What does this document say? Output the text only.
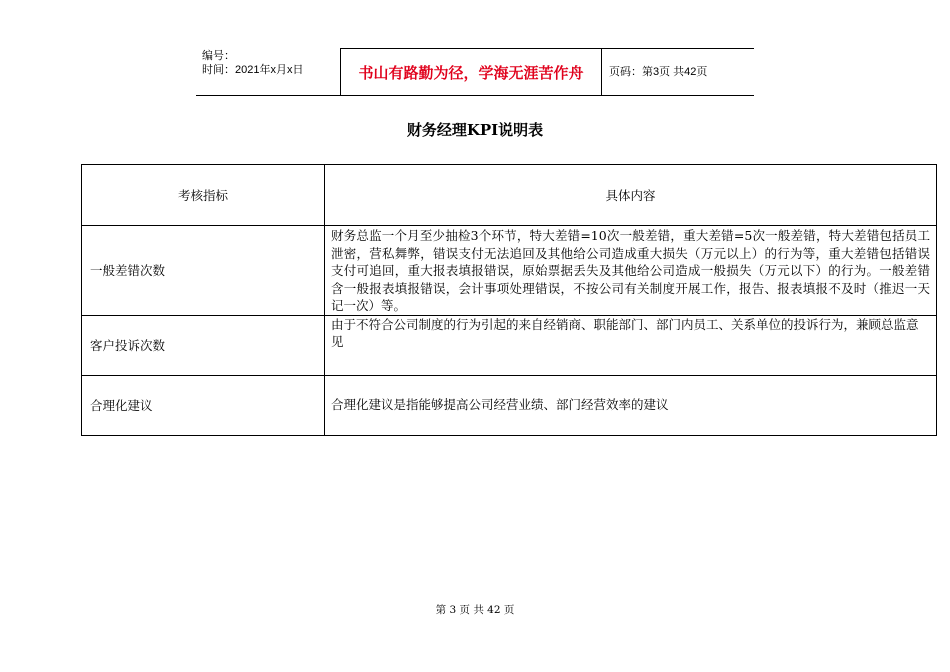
编号：
时间：2021年x月x日	书山有路勤为径，学海无涯苦作舟	页码：第3页 共42页
财务经理KPI说明表
考核指标	具体内容
一般差错次数	财务总监一个月至少抽检3个环节，特大差错=10次一般差错，重大差错=5次一般差错，特大差错包括员工泄密，营私舞弊，错误支付无法追回及其他给公司造成重大损失（万元以上）的行为等，重大差错包括错误支付可追回，重大报表填报错误，原始票据丢失及其他给公司造成一般损失（万元以下）的行为。一般差错含一般报表填报错误，会计事项处理错误，不按公司有关制度开展工作，报告、报表填报不及时（推迟一天记一次）等。
客户投诉次数	由于不符合公司制度的行为引起的来自经销商、职能部门、部门内员工、关系单位的投诉行为，兼顾总监意见
合理化建议	合理化建议是指能够提高公司经营业绩、部门经营效率的建议
第 3 页 共 42 页
